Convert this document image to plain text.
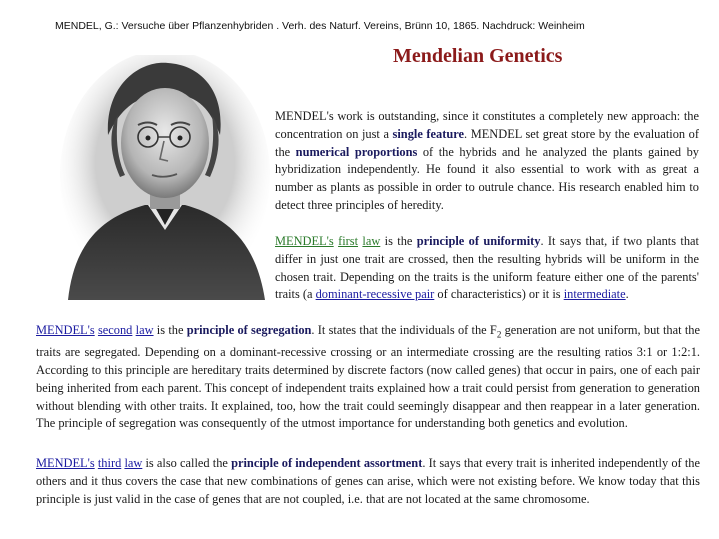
MENDEL, G.: Versuche über Pflanzenhybriden . Verh. des Naturf. Vereins, Brünn 10, 1865. Nachdruck: Weinheim
Mendelian Genetics
MENDEL's work is outstanding, since it constitutes a completely new approach: the concentration on just a single feature. MENDEL set great store by the evaluation of the numerical proportions of the hybrids and he analyzed the plants gained by hybridization independently. He found it also essential to work with as great a number as plants as possible in order to outrule chance. His research enabled him to detect three principles of heredity.
MENDEL's first law is the principle of uniformity. It says that, if two plants that differ in just one trait are crossed, then the resulting hybrids will be uniform in the chosen trait. Depending on the traits is the uniform feature either one of the parents' traits (a dominant-recessive pair of characteristics) or it is intermediate.
MENDEL's second law is the principle of segregation. It states that the individuals of the $F_2$ generation are not uniform, but that the traits are segregated. Depending on a dominant-recessive crossing or an intermediate crossing are the resulting ratios 3:1 or 1:2:1. According to this principle are hereditary traits determined by discrete factors (now called genes) that occur in pairs, one of each pair being inherited from each parent. This concept of independent traits explained how a trait could persist from generation to generation without blending with other traits. It explained, too, how the trait could seemingly disappear and then reappear in a later generation. The principle of segregation was consequently of the utmost importance for understanding both genetics and evolution.
MENDEL's third law is also called the principle of independent assortment. It says that every trait is inherited independently of the others and it thus covers the case that new combinations of genes can arise, which were not existing before. We know today that this principle is just valid in the case of genes that are not coupled, i.e. that are not located at the same chromosome.
